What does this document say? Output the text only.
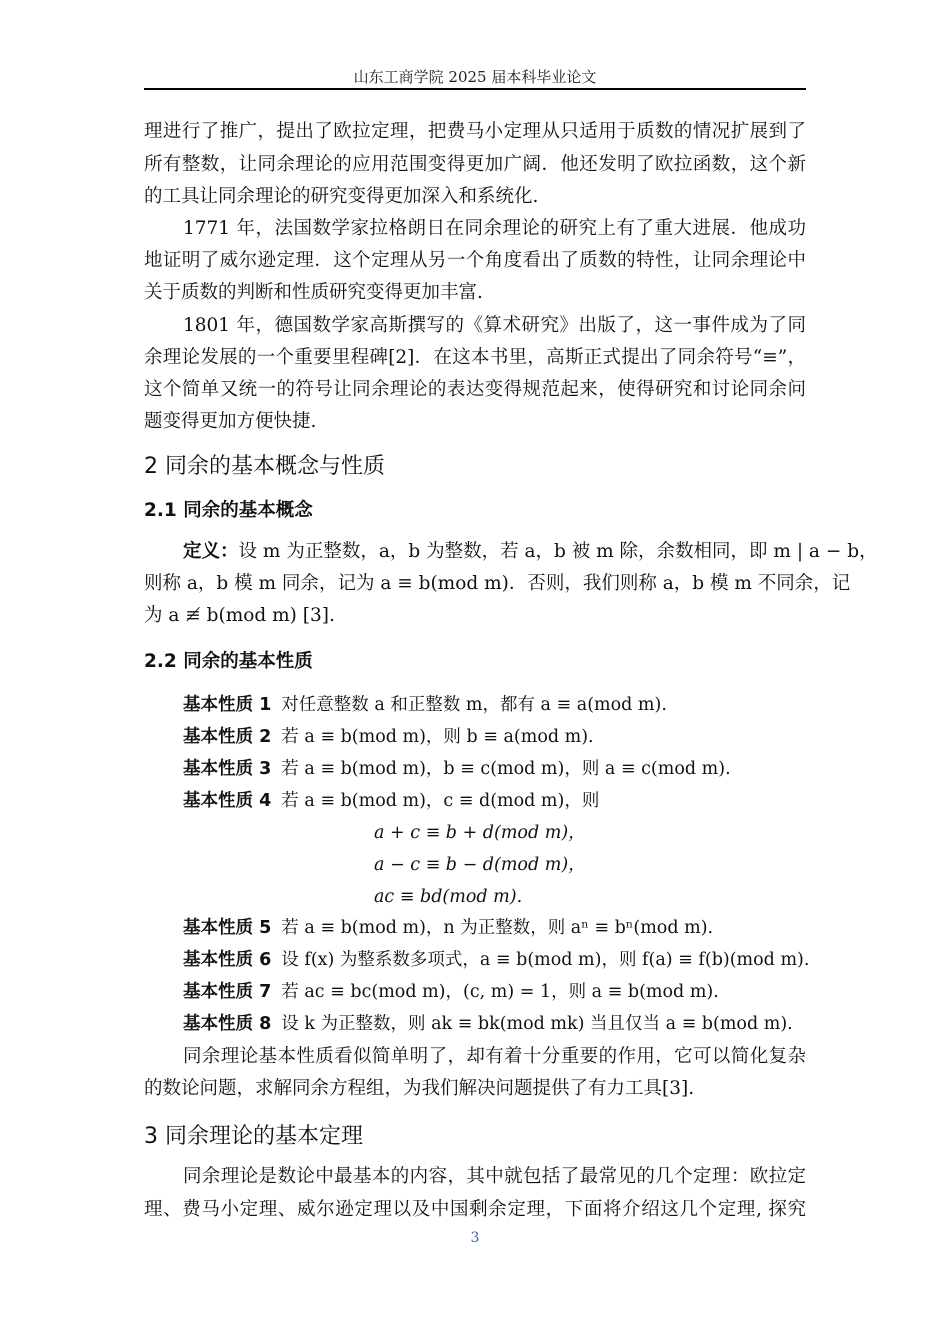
山东工商学院 2025 届本科毕业论文
理进行了推广，提出了欧拉定理，把费马小定理从只适用于质数的情况扩展到了
所有整数，让同余理论的应用范围变得更加广阔．他还发明了欧拉函数，这个新
的工具让同余理论的研究变得更加深入和系统化.
1771 年，法国数学家拉格朗日在同余理论的研究上有了重大进展．他成功
地证明了威尔逊定理．这个定理从另一个角度看出了质数的特性，让同余理论中
关于质数的判断和性质研究变得更加丰富.
1801 年，德国数学家高斯撰写的《算术研究》出版了，这一事件成为了同
余理论发展的一个重要里程碑[2]．在这本书里，高斯正式提出了同余符号“≡”，
这个简单又统一的符号让同余理论的表达变得规范起来，使得研究和讨论同余问
题变得更加方便快捷.
2 同余的基本概念与性质
2.1 同余的基本概念
定义：设 m 为正整数，a，b 为整数，若 a，b 被 m 除，余数相同，即 m | a − b，
则称 a，b 模 m 同余，记为 a ≡ b(mod m)．否则，我们则称 a，b 模 m 不同余，记
为 a ≢ b(mod m) [3].
2.2 同余的基本性质
基本性质 1 对任意整数 a 和正整数 m，都有 a ≡ a(mod m).
基本性质 2 若 a ≡ b(mod m)，则 b ≡ a(mod m).
基本性质 3 若 a ≡ b(mod m)，b ≡ c(mod m)，则 a ≡ c(mod m).
基本性质 4 若 a ≡ b(mod m)，c ≡ d(mod m)，则
a + c ≡ b + d(mod m)，
a − c ≡ b − d(mod m)，
ac ≡ bd(mod m).
基本性质 5 若 a ≡ b(mod m)，n 为正整数，则 aⁿ ≡ bⁿ(mod m).
基本性质 6 设 f(x) 为整系数多项式，a ≡ b(mod m)，则 f(a) ≡ f(b)(mod m).
基本性质 7 若 ac ≡ bc(mod m)，(c, m) = 1，则 a ≡ b(mod m).
基本性质 8 设 k 为正整数，则 ak ≡ bk(mod mk) 当且仅当 a ≡ b(mod m).
同余理论基本性质看似简单明了，却有着十分重要的作用，它可以简化复杂
的数论问题，求解同余方程组，为我们解决问题提供了有力工具[3].
3 同余理论的基本定理
同余理论是数论中最基本的内容，其中就包括了最常见的几个定理：欧拉定
理、费马小定理、威尔逊定理以及中国剩余定理，下面将介绍这几个定理, 探究
3
